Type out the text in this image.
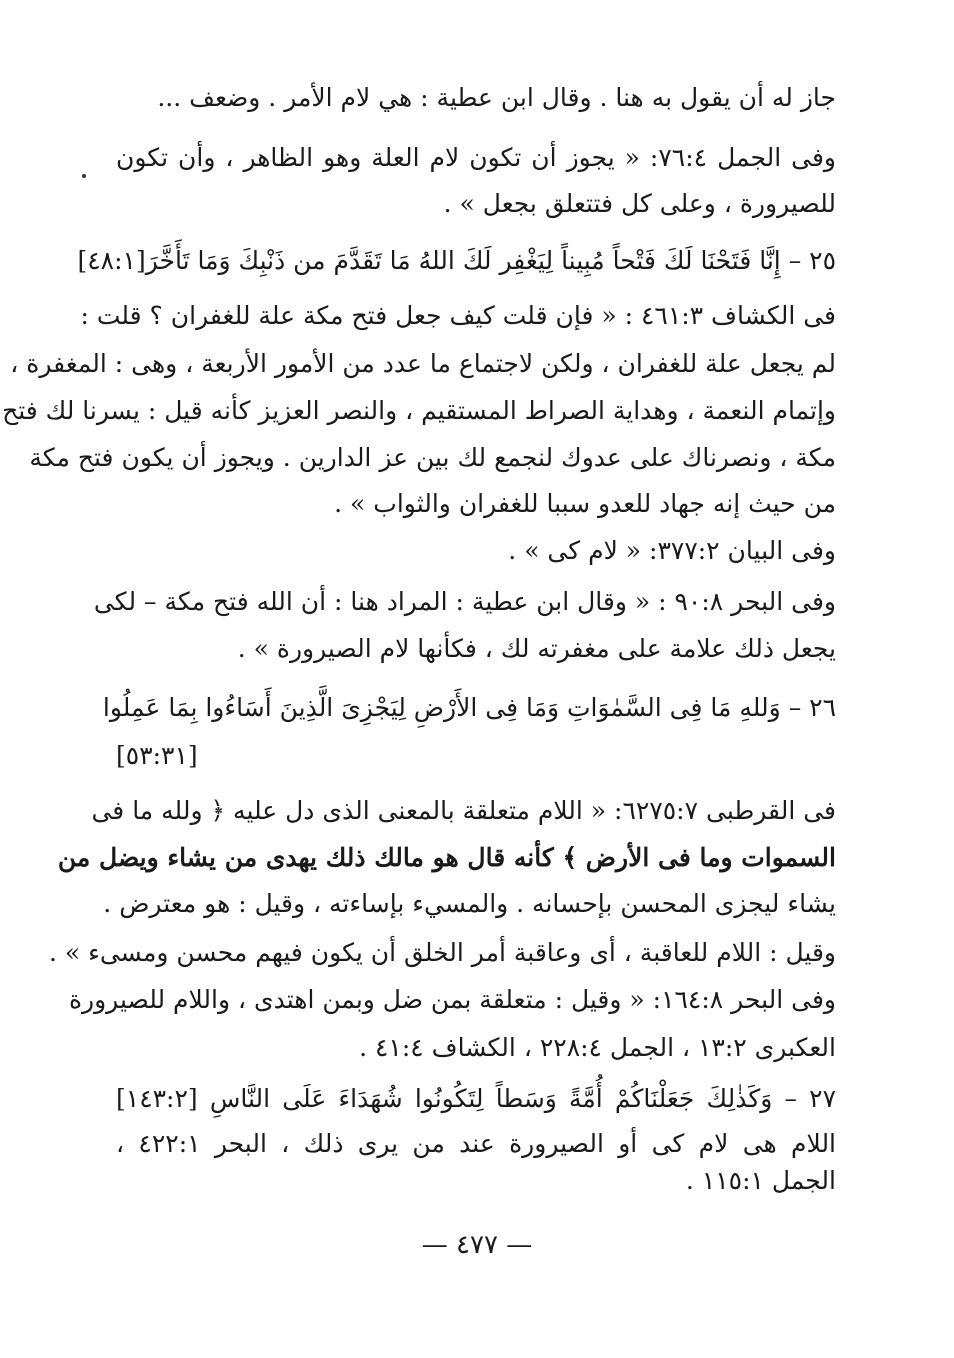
جاز له أن يقول به هنا . وقال ابن عطية : هي لام الأمر . وضعف ...
وفى الجمل ٧٦:٤: « يجوز أن تكون لام العلة وهو الظاهر ، وأن تكون
للصيرورة ، وعلى كل فتتعلق بجعل » .
٢٥ – إِنَّا فَتَحْنَا لَكَ فَتْحاً مُبِيناً لِيَغْفِر لَكَ اللهُ مَا تَقَدَّمَ من ذَنْبِكَ وَمَا تَأَخَّرَ[٤٨:١]
فى الكشاف ٤٦١:٣ : « فإن قلت كيف جعل فتح مكة علة للغفران ؟ قلت :
لم يجعل علة للغفران ، ولكن لاجتماع ما عدد من الأمور الأربعة ، وهى : المغفرة ،
وإتمام النعمة ، وهداية الصراط المستقيم ، والنصر العزيز كأنه قيل : يسرنا لك فتح
مكة ، ونصرناك على عدوك لنجمع لك بين عز الدارين . ويجوز أن يكون فتح مكة
من حيث إنه جهاد للعدو سببا للغفران والثواب » .
وفى البيان ٣٧٧:٢: « لام كى » .
وفى البحر ٩٠:٨ : « وقال ابن عطية : المراد هنا : أن الله فتح مكة – لكى
يجعل ذلك علامة على مغفرته لك ، فكأنها لام الصيرورة » .
٢٦ – وَللهِ مَا فِى السَّمٰوَاتِ وَمَا فِى الأَرْضِ لِيَجْزِىَ الَّذِينَ أَسَاءُوا بِمَا عَمِلُوا
[٥٣:٣١]
فى القرطبى ٦٢٧٥:٧: « اللام متعلقة بالمعنى الذى دل عليه ﴿ ولله ما فى
السموات وما فى الأرض ﴾ كأنه قال هو مالك ذلك يهدى من يشاء ويضل من
يشاء ليجزى المحسن بإحسانه . والمسيء بإساءته ، وقيل : هو معترض .
وقيل : اللام للعاقبة ، أى وعاقبة أمر الخلق أن يكون فيهم محسن ومسىء » .
وفى البحر ١٦٤:٨: « وقيل : متعلقة بمن ضل وبمن اهتدى ، واللام للصيرورة
العكبرى ١٣:٢ ، الجمل ٢٢٨:٤ ، الكشاف ٤١:٤ .
٢٧ – وَكَذٰلِكَ جَعَلْنَاكُمْ أُمَّةً وَسَطاً لِتَكُونُوا شُهَدَاءَ عَلَى النَّاسِ [١٤٣:٢]
اللام هى لام كى أو الصيرورة عند من يرى ذلك ، البحر ٤٢٢:١ ،
الجمل ١١٥:١ .
— ٤٧٧ —
